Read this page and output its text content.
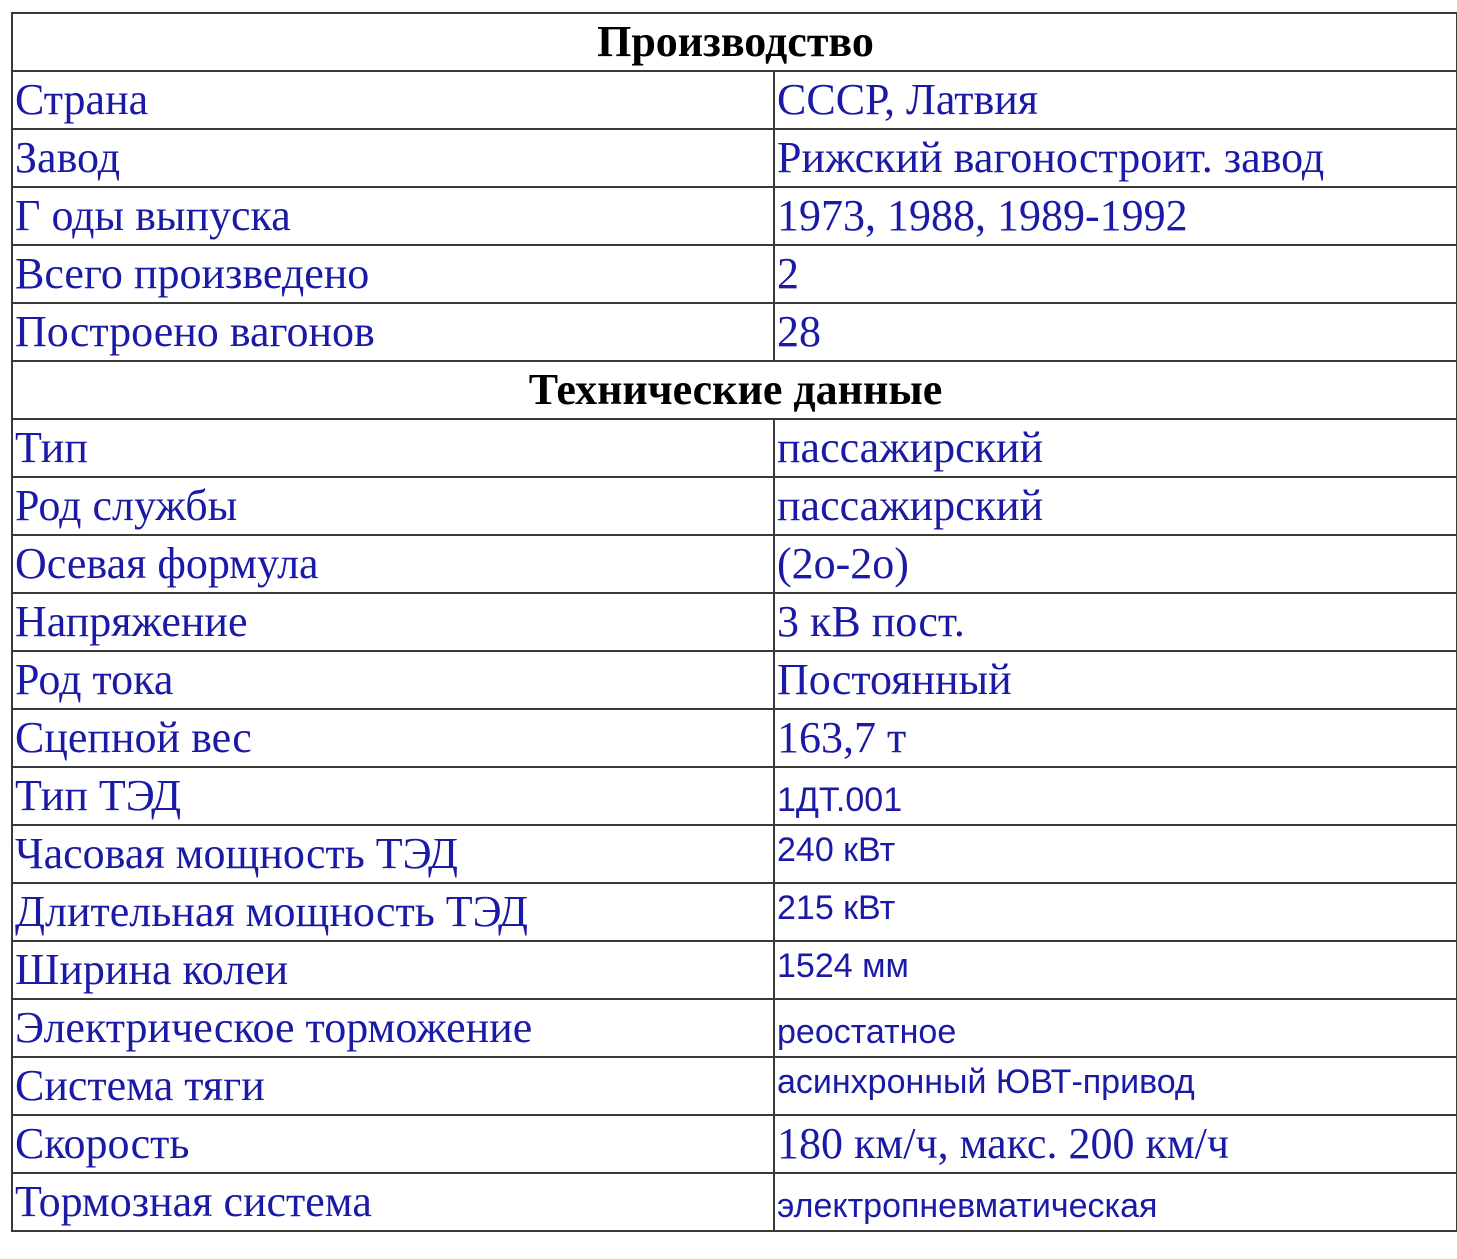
Производство	
Страна	СССР, Латвия
Завод	Рижский вагоностроит. завод
Г оды выпуска	1973, 1988, 1989-1992
Всего произведено	2
Построено вагонов	28
Технические данные	
Тип	пассажирский
Род службы	пассажирский
Осевая формула	(2о-2о)
Напряжение	3 кВ пост.
Род тока	Постоянный
Сцепной вес	163,7 т
Тип ТЭД	1ДТ.001
Часовая мощность ТЭД	240 кВт
Длительная мощность ТЭД	215 кВт
Ширина колеи	1524 мм
Электрическое торможение	реостатное
Система тяги	асинхронный ЮВТ-привод
Скорость	180 км/ч, макс. 200 км/ч
Тормозная система	электропневматическая
